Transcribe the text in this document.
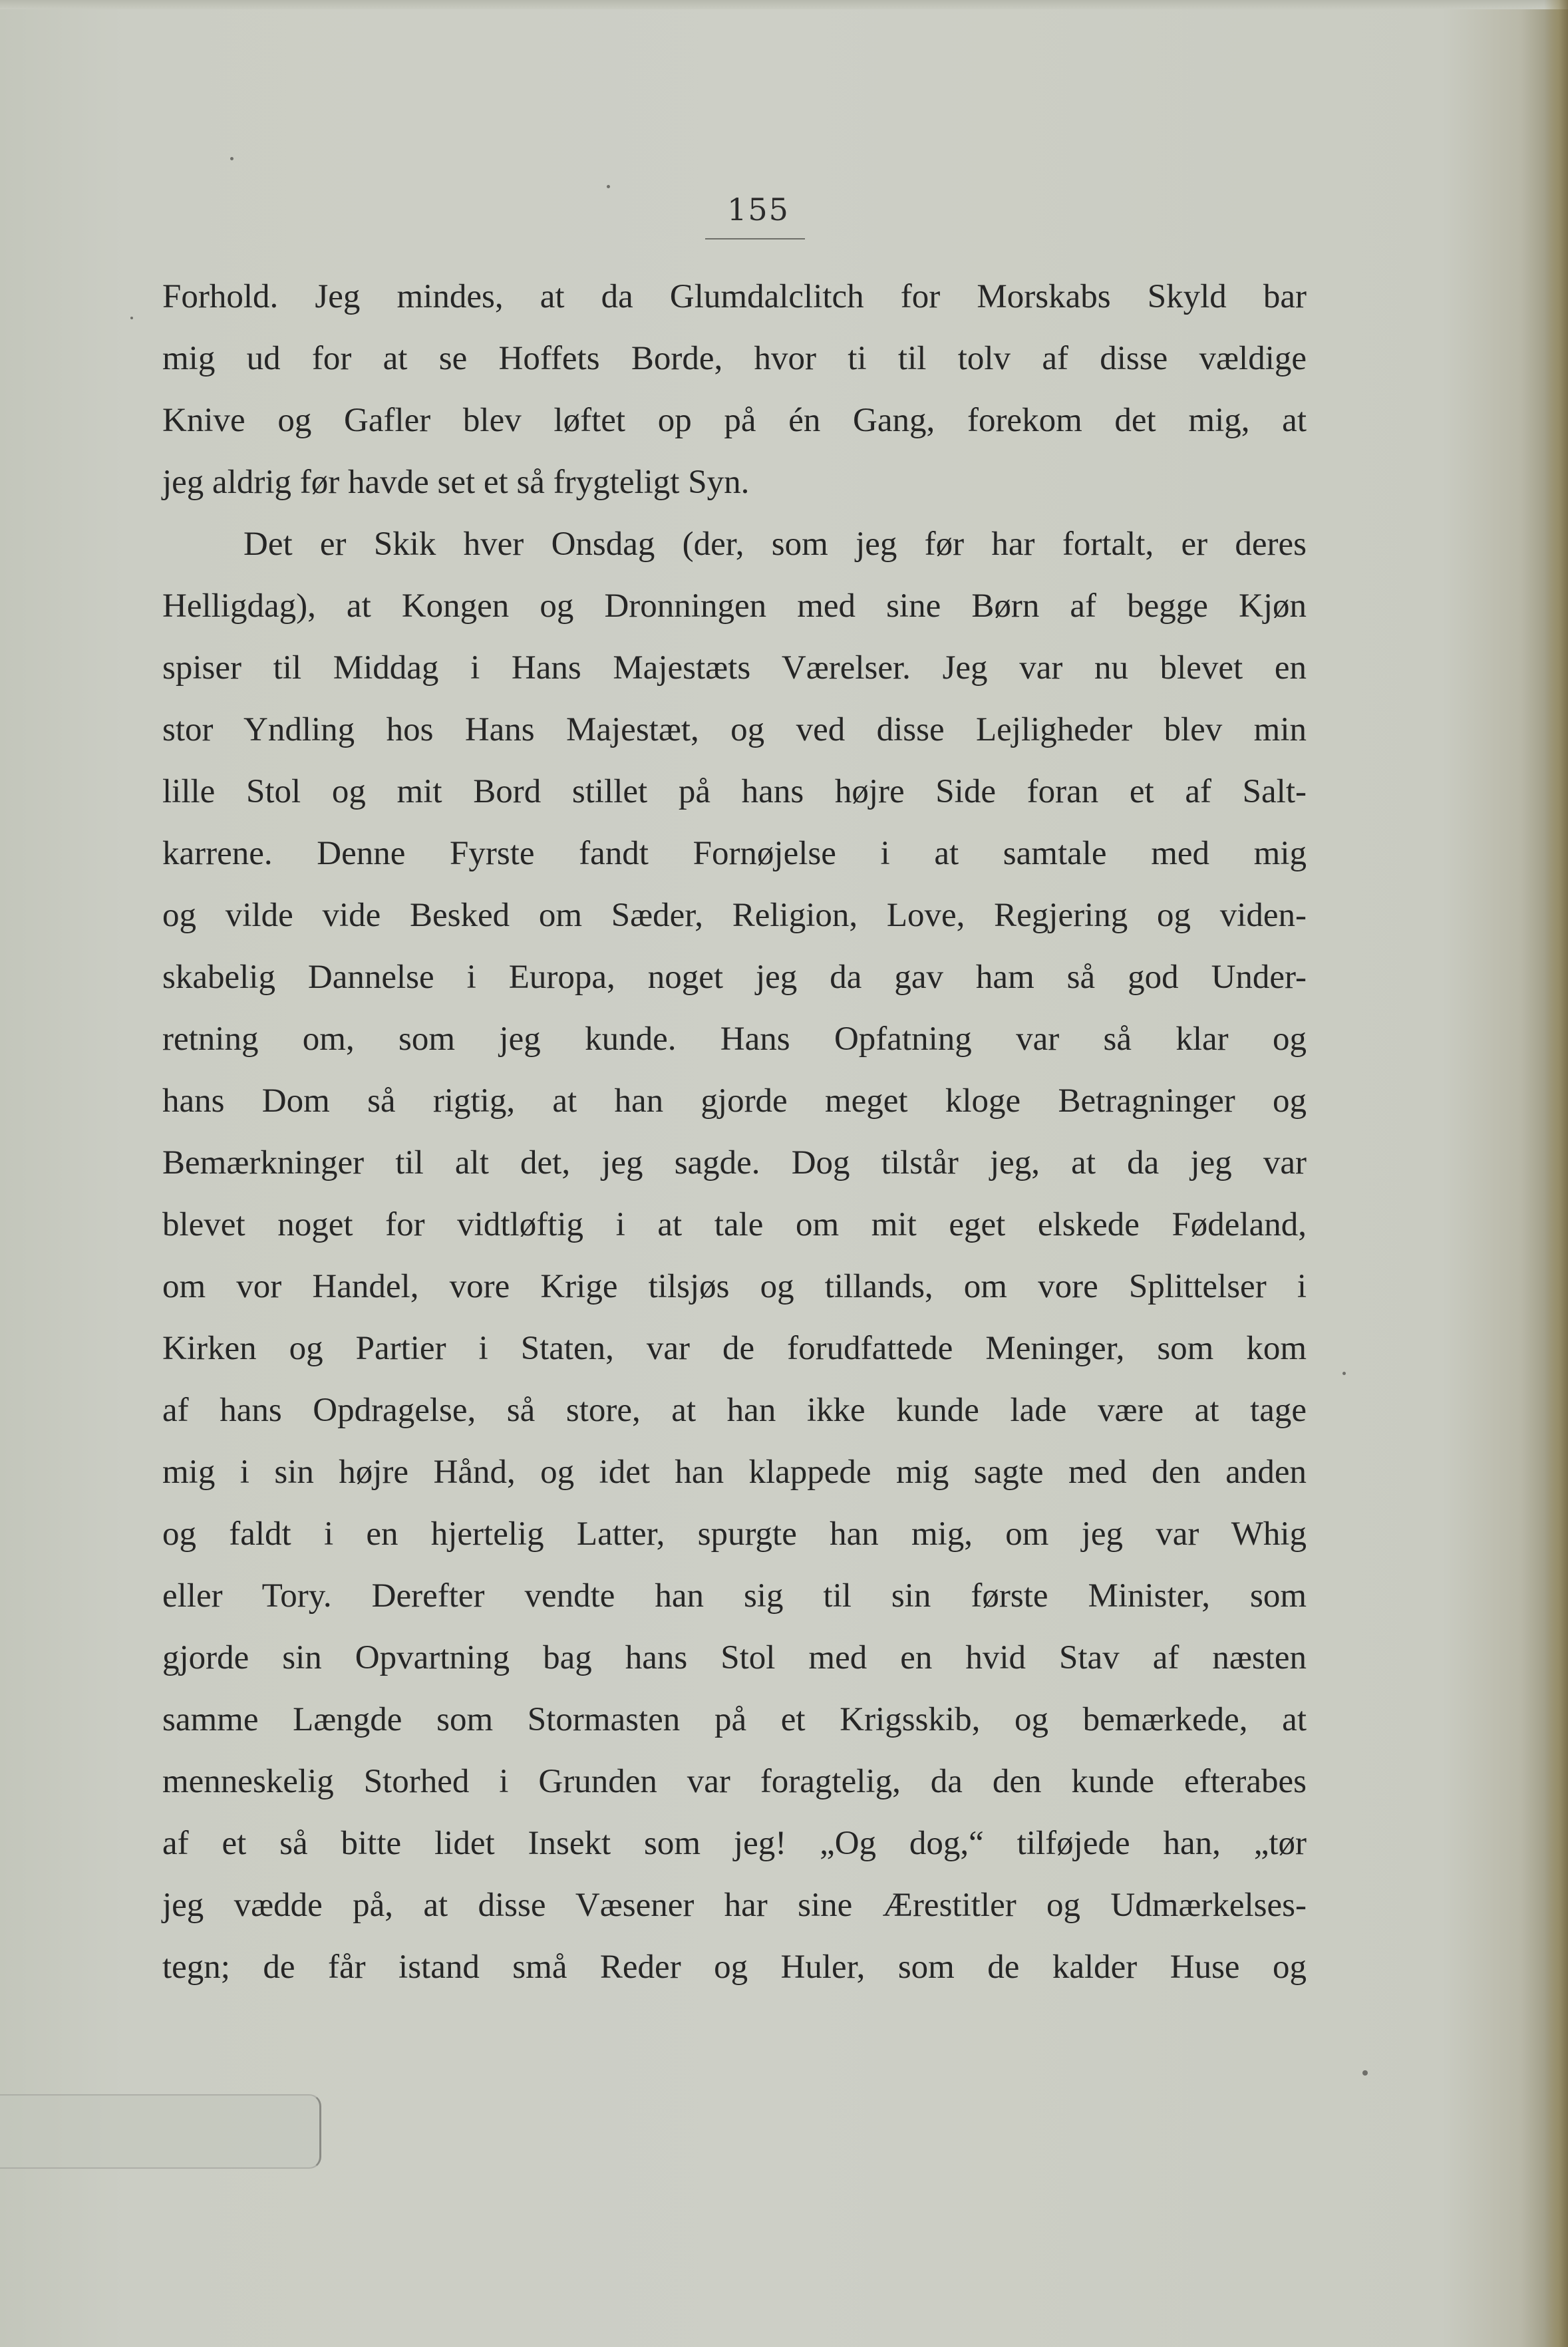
155
Forhold. Jeg mindes, at da Glumdalclitch for Morskabs Skyld bar
mig ud for at se Hoffets Borde, hvor ti til tolv af disse vældige
Knive og Gafler blev løftet op på én Gang, forekom det mig, at
jeg aldrig før havde set et så frygteligt Syn.
Det er Skik hver Onsdag (der, som jeg før har fortalt, er deres
Helligdag), at Kongen og Dronningen med sine Børn af begge Kjøn
spiser til Middag i Hans Majestæts Værelser. Jeg var nu blevet en
stor Yndling hos Hans Majestæt, og ved disse Lejligheder blev min
lille Stol og mit Bord stillet på hans højre Side foran et af Salt-
karrene. Denne Fyrste fandt Fornøjelse i at samtale med mig
og vilde vide Besked om Sæder, Religion, Love, Regjering og viden-
skabelig Dannelse i Europa, noget jeg da gav ham så god Under-
retning om, som jeg kunde. Hans Opfatning var så klar og
hans Dom så rigtig, at han gjorde meget kloge Betragninger og
Bemærkninger til alt det, jeg sagde. Dog tilstår jeg, at da jeg var
blevet noget for vidtløftig i at tale om mit eget elskede Fødeland,
om vor Handel, vore Krige tilsjøs og tillands, om vore Splittelser i
Kirken og Partier i Staten, var de forudfattede Meninger, som kom
af hans Opdragelse, så store, at han ikke kunde lade være at tage
mig i sin højre Hånd, og idet han klappede mig sagte med den anden
og faldt i en hjertelig Latter, spurgte han mig, om jeg var Whig
eller Tory. Derefter vendte han sig til sin første Minister, som
gjorde sin Opvartning bag hans Stol med en hvid Stav af næsten
samme Længde som Stormasten på et Krigsskib, og bemærkede, at
menneskelig Storhed i Grunden var foragtelig, da den kunde efterabes
af et så bitte lidet Insekt som jeg! „Og dog,“ tilføjede han, „tør
jeg vædde på, at disse Væsener har sine Ærestitler og Udmærkelses-
tegn; de får istand små Reder og Huler, som de kalder Huse og
